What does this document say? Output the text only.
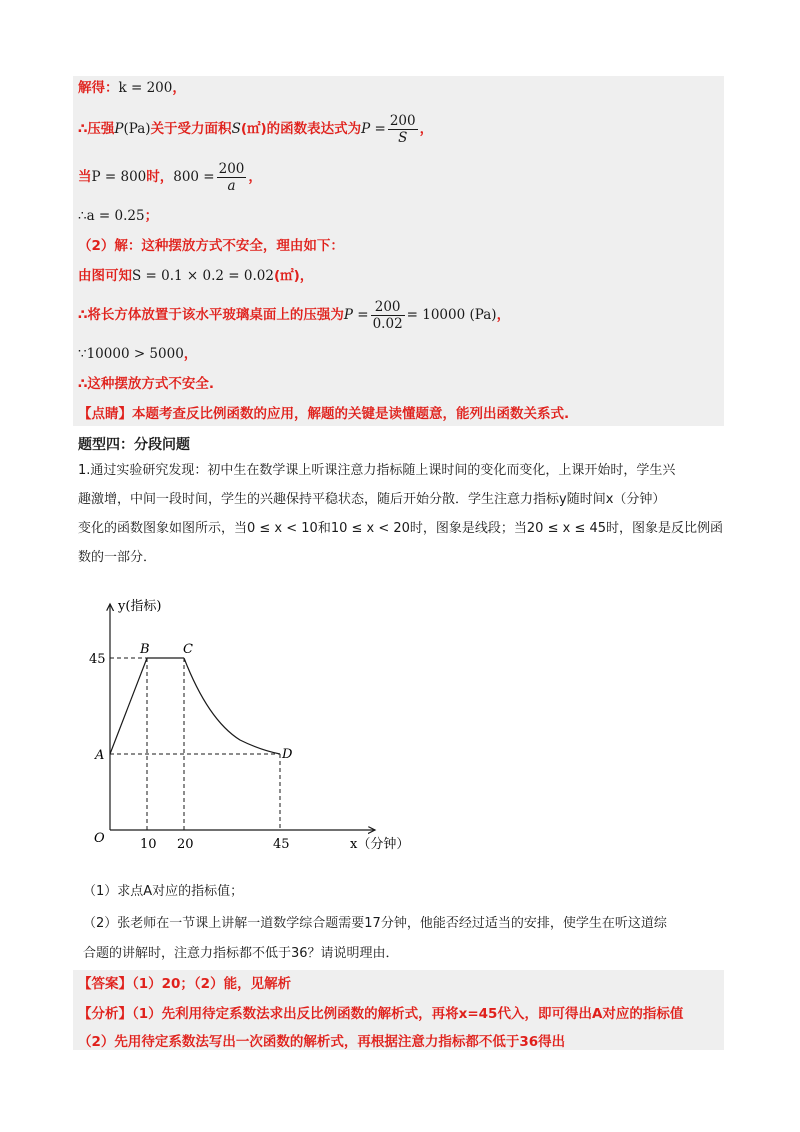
解得：k = 200，
∴压强P(Pa)关于受力面积S(㎡)的函数表达式为$P = \frac{200}{S}$ ，
当P = 800时，$800 = \frac{200}{a}$ ，
∴a = 0.25；
（2）解：这种摆放方式不安全，理由如下：
由图可知S = 0.1 × 0.2 = 0.02(㎡)，
∴将长方体放置于该水平玻璃桌面上的压强为$P = \frac{200}{0.02} = 10000$ (Pa)，
∵10000 > 5000，
∴这种摆放方式不安全.
【点睛】本题考查反比例函数的应用，解题的关键是读懂题意，能列出函数关系式.
题型四：分段问题
1.通过实验研究发现：初中生在数学课上听课注意力指标随上课时间的变化而变化，上课开始时，学生兴
趣激增，中间一段时间，学生的兴趣保持平稳状态，随后开始分散．学生注意力指标y随时间x（分钟）
变化的函数图象如图所示，当0 ≤ x < 10和10 ≤ x < 20时，图象是线段；当20 ≤ x ≤ 45时，图象是反比例函
数的一部分．
y(指标)
45
A
B	C
D
O	10 20	45	x（分钟）
（1）求点A对应的指标值；
（2）张老师在一节课上讲解一道数学综合题需要17分钟，他能否经过适当的安排，使学生在听这道综
合题的讲解时，注意力指标都不低于36？请说明理由．
【答案】（1）20；（2）能，见解析
【分析】（1）先利用待定系数法求出反比例函数的解析式，再将x=45代入，即可得出A对应的指标值
（2）先用待定系数法写出一次函数的解析式，再根据注意力指标都不低于36得出
